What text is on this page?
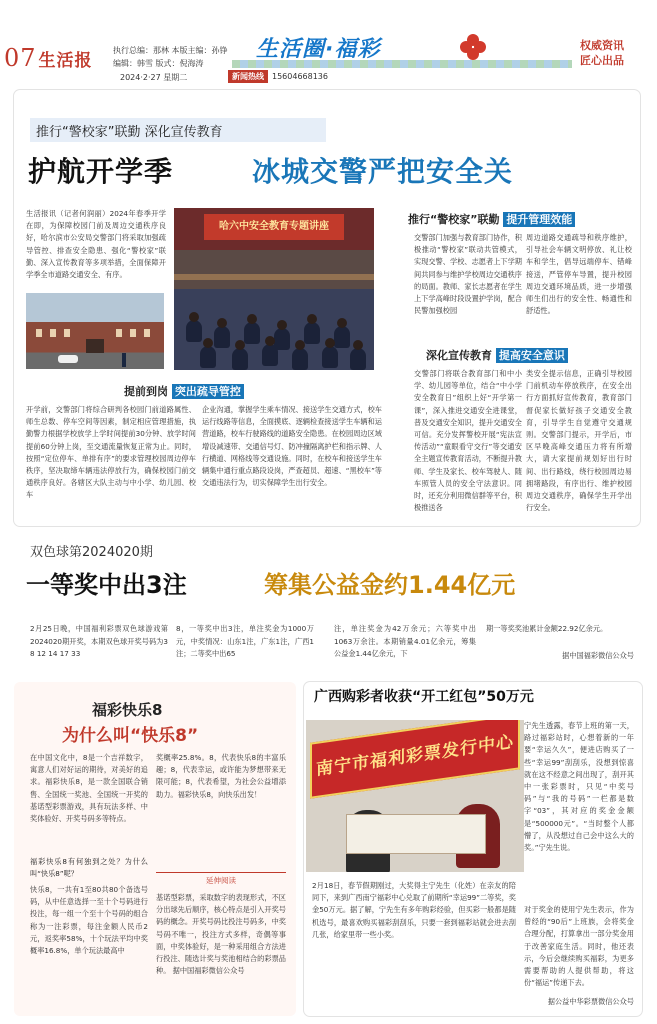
07 生活报
执行总编：那林 本版主编：孙铮
编辑：韩雪 版式：倪海涛
生活圈·福彩	权威资讯
匠心出品
2024·2·27 星期二	新闻热线	15604668136
推行“警校家”联勤 深化宣传教育
护航开学季	冰城交警严把安全关
生活报讯（记者何润丽）2024年春季开学在即，为保障校园门前及周边交通秩序良好，哈尔滨市公安局交警部门将采取加强疏导管控、排查安全隐患、强化“警校家”联勤、深入宣传教育等多项举措，全面保障开学季全市道路交通安全、有序。
哈六中安全教育专题讲座
推行“警校家”联勤 提升管理效能
交警部门加强与教育部门协作，积极推动“警校家”联动共管模式，实现交警、学校、志愿者上下学期间共同参与维护学校周边交通秩序的局面。教师、家长志愿者在学生上下学高峰时段设置护学岗，配合民警加强校园
周边道路交通疏导和秩序维护，引导社会车辆文明停放、礼让校车和学生，倡导远端停车、错峰接送，严管停车导置，提升校园周边交通环境品质，进一步增强师生们出行的安全性、畅通性和舒适性。
深化宣传教育 提高安全意识
交警部门将联合教育部门和中小学、幼儿园等单位，结合“中小学安全教育日”组织上好“开学第一课”，深入推进交通安全进课堂，普及交通安全知识，提升交通安全可信。充分发挥警校开展“宪法宣传活动”“童眼看守交行”等交通安全主题宣传教育活动，不断提升教师、学生及家长、校车驾驶人、随车照管人员的安全守法意识。同时，还充分利用微信群等平台，积极推送各
类安全提示信息，正确引导校园门前机动车停放秩序，在安全出行方面抓好宣传教育，教育部门督促家长做好孩子交通安全教育，引导学生自觉遵守交通规则。交警部门提示，开学后，市区早晚高峰交通压力将有所增大，请大家提前规划好出行时间、出行路线，绕行校园周边易拥堵路段，有序出行、维护校园周边交通秩序，确保学生开学出行安全。
提前到岗 突出疏导管控
开学前，交警部门将综合研判各校园门前道路属性、师生总数、停车空间等因素，制定相应管理措施，执勤警力根据学校放学上学时间提前30分钟、放学时间提前60分钟上岗，至交通流量恢复正常为止。同时，按照“定位停车、单排有序”的要求管理校园周边停车秩序，坚决取缔车辆违法停放行为，确保校园门前交通秩序良好。各辖区大队主动与中小学、幼儿园、校车
企业沟通，掌握学生乘车情况、接送学生交通方式，校车运行线路等信息，全面摸底、逐辆检查接送学生车辆和运营道路，校车行驶路线的道路安全隐患。在校园周边区域增设减速带、交通信号灯、防冲撞隔离护栏和指示牌、人行横道、网格线等交通设施。同时，在校车和接送学生车辆集中通行重点路段设岗，严查超员、超速、“黑校车”等交通违法行为，切实保障学生出行安全。
双色球第2024020期
一等奖中出3注	筹集公益金约1.44亿元
2月25日晚，中国福利彩票双色球游戏第2024020期开奖，本期双色球开奖号码为3 8 12 14 17 33
8，一等奖中出3注，单注奖金为1000万元，中奖情况：山东1注，广东1注，广西1注；二等奖中出65
注，单注奖金为42万余元；六等奖中出1063万余注。本期销量4.01亿余元，筹集公益金1.44亿余元，下
期一等奖奖池累计金额22.92亿余元。
据中国福彩微信公众号
福彩快乐8
为什么叫“快乐8”
在中国文化中，8是一个吉祥数字，寓意人们对好运的期待，对美好的追求。福彩快乐8，是一款全国联合销售、全国统一奖池、全国统一开奖的基诺型彩票游戏，具有玩法多样、中奖体验好、开奖号码多等特点。
福彩快乐8有何独到之处？为什么叫“快乐8”呢？
快乐8，一共有1至80共80个备选号码，从中任意选择一至十个号码进行投注，每一组一个至十个号码的组合称为一注彩票，每注金额人民币2元，返奖率58%，十个玩法平均中奖概率16.8%，单个玩法最高中
奖概率25.8%。8，代表快乐8的丰富乐趣；8，代表幸运，或许能为梦想带来无限可能；8，代表希望，为社会公益增添助力。福彩快乐8，向快乐出发！
延伸阅读
基诺型彩票，采取数字的表现形式，不区分出球先后顺序，核心特点是引入开奖号码的概念。开奖号码比投注号码多，中奖号码不唯一，投注方式多样，奇偶等事面，中奖体验好，是一种采用组合方法进行投注、随选计奖与奖池相结合的彩票品种。 据中国福彩微信公众号
广西购彩者收获“开工红包”50万元
南宁市福利彩票发行中心
宁先生透露，春节上班的第一天，路过福彩站时，心想着新的一年要“幸运久久”，便进店购买了一些“幸运99”刮刮乐，没想到惊喜就在这不经意之间出现了，刮开其中一张彩票时，只见“中奖号码”与“我的号码”一栏都是数字“03”，其对应的奖金金额是“500000元”。“当时整个人都懵了，从没想过自己会中这么大的奖。”宁先生说。
2月18日，春节假期刚过，大奖得主宁先生（化姓）在亲友的陪同下，来到广西南宁福彩中心兑取了前期所“幸运99”二等奖，奖金50万元。据了解，宁先生有多年购彩经验，但买彩一般都是随机选号，最喜欢购买福彩刮刮乐，只要一套到福彩站就会进去刮几张，给家里带一些小奖。
对于奖金的使用宁先生表示，作为曾经的“90后”上班族，会将奖金合理分配，打算拿出一部分奖金用于改善家庭生活。同时，他还表示，今后会继续购买福彩，为更多需要帮助的人提供帮助，将这份“福运”传递下去。
据公益中华彩票微信公众号
